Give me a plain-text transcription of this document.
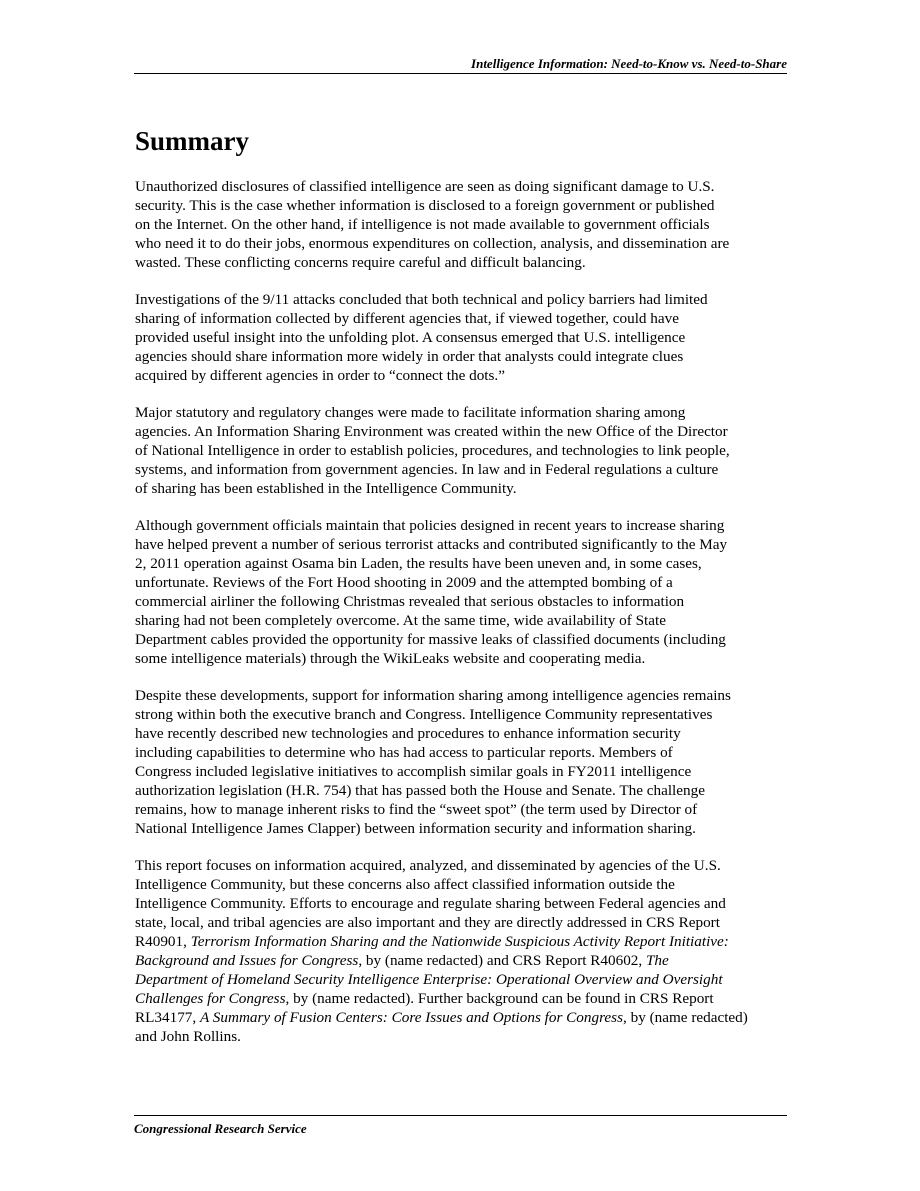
Intelligence Information: Need-to-Know vs. Need-to-Share
Summary

Unauthorized disclosures of classified intelligence are seen as doing significant damage to U.S.
security. This is the case whether information is disclosed to a foreign government or published
on the Internet. On the other hand, if intelligence is not made available to government officials
who need it to do their jobs, enormous expenditures on collection, analysis, and dissemination are
wasted. These conflicting concerns require careful and difficult balancing.

Investigations of the 9/11 attacks concluded that both technical and policy barriers had limited
sharing of information collected by different agencies that, if viewed together, could have
provided useful insight into the unfolding plot. A consensus emerged that U.S. intelligence
agencies should share information more widely in order that analysts could integrate clues
acquired by different agencies in order to “connect the dots.”

Major statutory and regulatory changes were made to facilitate information sharing among
agencies. An Information Sharing Environment was created within the new Office of the Director
of National Intelligence in order to establish policies, procedures, and technologies to link people,
systems, and information from government agencies. In law and in Federal regulations a culture
of sharing has been established in the Intelligence Community.

Although government officials maintain that policies designed in recent years to increase sharing
have helped prevent a number of serious terrorist attacks and contributed significantly to the May
2, 2011 operation against Osama bin Laden, the results have been uneven and, in some cases,
unfortunate. Reviews of the Fort Hood shooting in 2009 and the attempted bombing of a
commercial airliner the following Christmas revealed that serious obstacles to information
sharing had not been completely overcome. At the same time, wide availability of State
Department cables provided the opportunity for massive leaks of classified documents (including
some intelligence materials) through the WikiLeaks website and cooperating media.

Despite these developments, support for information sharing among intelligence agencies remains
strong within both the executive branch and Congress. Intelligence Community representatives
have recently described new technologies and procedures to enhance information security
including capabilities to determine who has had access to particular reports. Members of
Congress included legislative initiatives to accomplish similar goals in FY2011 intelligence
authorization legislation (H.R. 754) that has passed both the House and Senate. The challenge
remains, how to manage inherent risks to find the “sweet spot” (the term used by Director of
National Intelligence James Clapper) between information security and information sharing.

This report focuses on information acquired, analyzed, and disseminated by agencies of the U.S.
Intelligence Community, but these concerns also affect classified information outside the
Intelligence Community. Efforts to encourage and regulate sharing between Federal agencies and
state, local, and tribal agencies are also important and they are directly addressed in CRS Report
R40901, Terrorism Information Sharing and the Nationwide Suspicious Activity Report Initiative:
Background and Issues for Congress, by (name redacted) and CRS Report R40602, The
Department of Homeland Security Intelligence Enterprise: Operational Overview and Oversight
Challenges for Congress, by (name redacted). Further background can be found in CRS Report
RL34177, A Summary of Fusion Centers: Core Issues and Options for Congress, by (name redacted)
and John Rollins.

Congressional Research Service
